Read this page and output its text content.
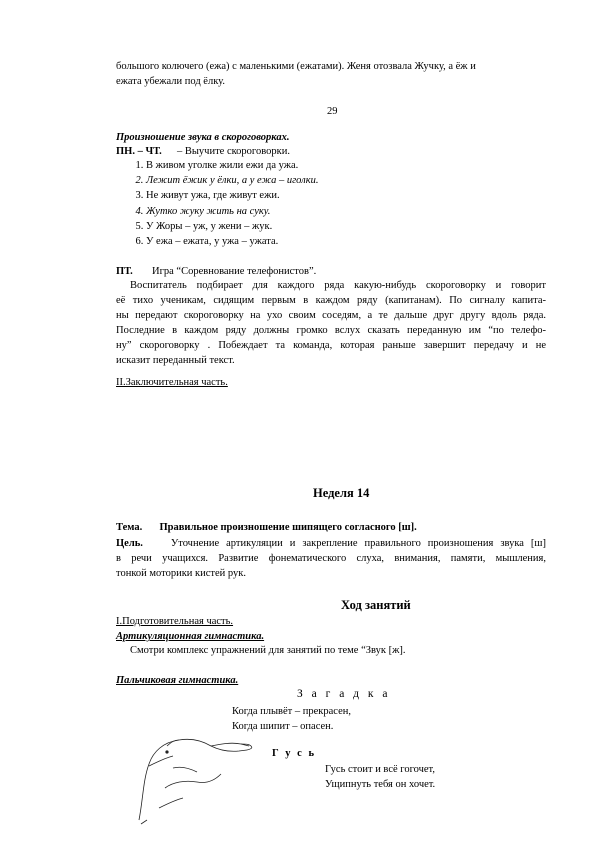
большого колючего (ежа) с маленькими (ежатами). Женя отозвала Жучку, а ёж и
ежата убежали под ёлку.
29
Произношение звука в скороговорках.
ПН. – ЧТ. – Выучите скороговорки.
1. В живом уголке жили ежи да ужа.
2. Лежит ёжик у ёлки, а у ежа – иголки.
3. Не живут ужа, где живут ежи.
4. Жутко жуку жить на суку.
5. У Жоры – уж, у жени – жук.
6. У ежа – ежата, у ужа – ужата.
ПТ. Игра “Соревнование телефонистов”.
Воспитатель подбирает для каждого ряда какую-нибудь скороговорку и говорит
её тихо ученикам, сидящим первым в каждом ряду (капитанам). По сигналу капита-
ны передают скороговорку на ухо своим соседям, а те дальше друг другу вдоль ряда.
Последние в каждом ряду должны громко вслух сказать переданную им “по телефо-
ну” скороговорку . Побеждает та команда, которая раньше завершит передачу и не
исказит переданный текст.
II.Заключительная часть.
Неделя 14
Тема. Правильное произношение шипящего согласного [ш].
Цель.	Уточнение артикуляции и закрепление правильного произношения звука [ш]
в речи учащихся. Развитие фонематического слуха, внимания, памяти, мышления,
тонкой моторики кистей рук.
Ход занятий
I.Подготовительная часть.
Артикуляционная гимнастика.
Смотри комплекс упражнений для занятий по теме “Звук [ж].
Пальчиковая гимнастика.
З а г а д к а
Когда плывёт – прекрасен,
Когда шипит – опасен.
Г у с ь
Гусь стоит и всё гогочет,
Ущипнуть тебя он хочет.
